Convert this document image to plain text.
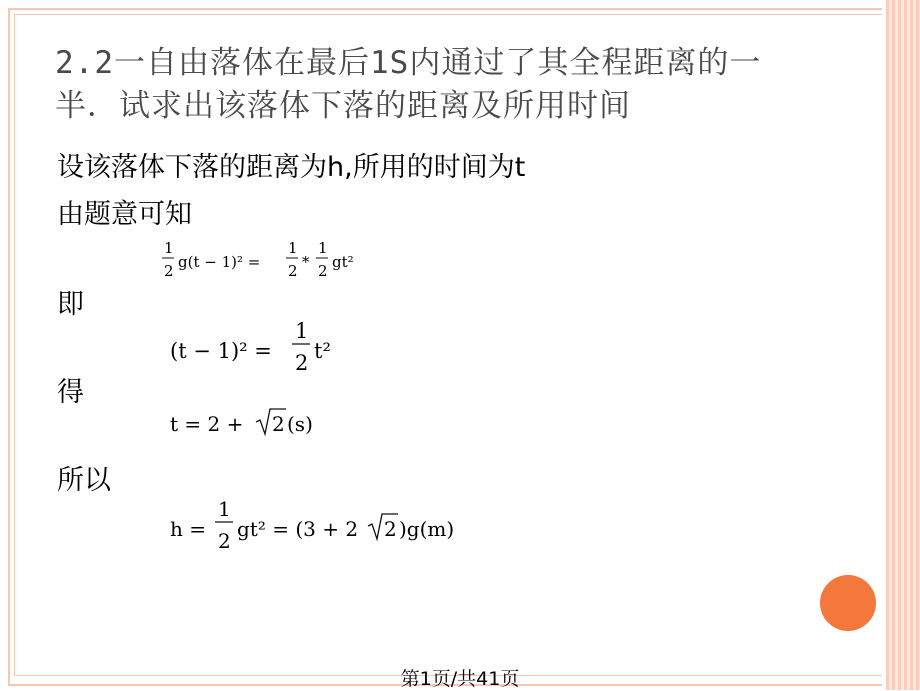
2.2一自由落体在最后1S内通过了其全程距离的一半．试求出该落体下落的距离及所用时间
设该落体下落的距离为h,所用的时间为t
由题意可知
1
2 g(t − 1)² =
1
2 *
1
2 gt²
即
(t − 1)² =
1
2 t²
得
t = 2 + 2 (s)
所以
h =
1
2 gt² = (3 + 2 2 )g(m)
第1页/共41页
